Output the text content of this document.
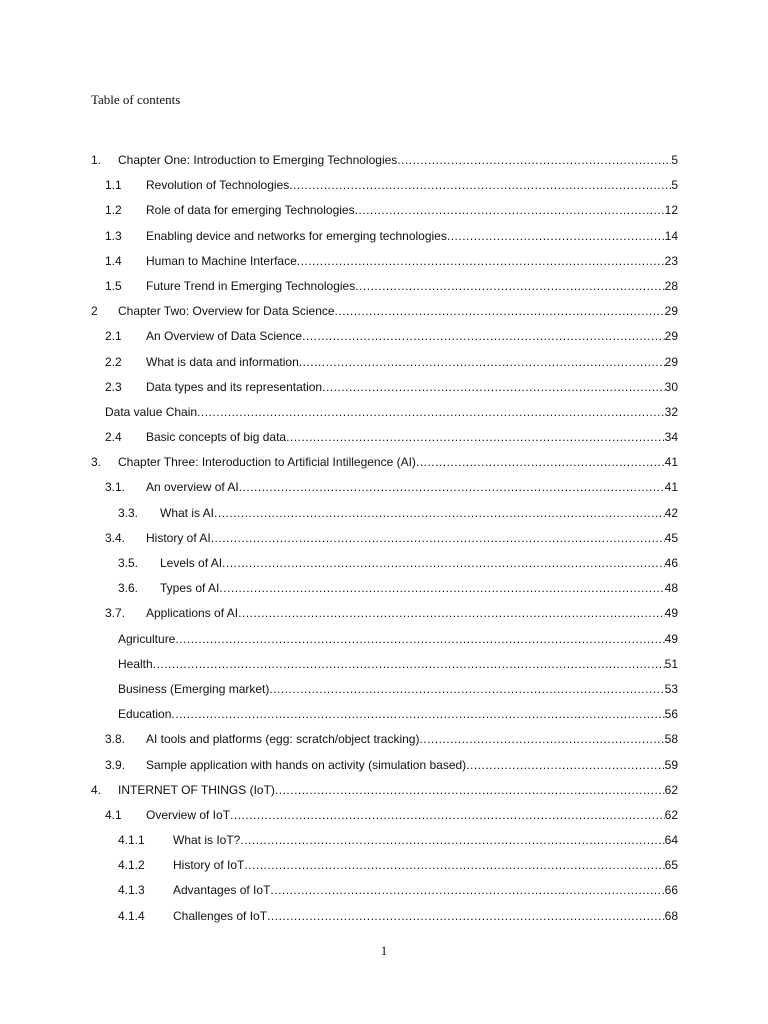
Table of contents
1. Chapter One: Introduction to Emerging Technologies .....	5
1.1 Revolution of Technologies .....	5
1.2 Role of data for emerging Technologies .....	12
1.3 Enabling device and networks for emerging technologies .....	14
1.4 Human to Machine Interface .....	23
1.5 Future Trend in Emerging Technologies .....	28
2 Chapter Two: Overview for Data Science .....	29
2.1 An Overview of Data Science .....	29
2.2 What is data and information .....	29
2.3 Data types and its representation .....	30
Data value Chain .....	32
2.4 Basic concepts of big data .....	34
3. Chapter Three: Interoduction to Artificial Intillegence (AI) .....	41
3.1. An overview of AI .....	41
3.3. What is AI .....	42
3.4. History of AI .....	45
3.5. Levels of AI .....	46
3.6. Types of AI .....	48
3.7. Applications of AI .....	49
Agriculture .....	49
Health .....	51
Business (Emerging market) .....	53
Education .....	56
3.8. AI tools and platforms (egg: scratch/object tracking) .....	58
3.9. Sample application with hands on activity (simulation based) .....	59
4. INTERNET OF THINGS (IoT) .....	62
4.1 Overview of IoT .....	62
4.1.1 What is IoT? .....	64
4.1.2 History of IoT .....	65
4.1.3 Advantages of IoT .....	66
4.1.4 Challenges of IoT .....	68
1
